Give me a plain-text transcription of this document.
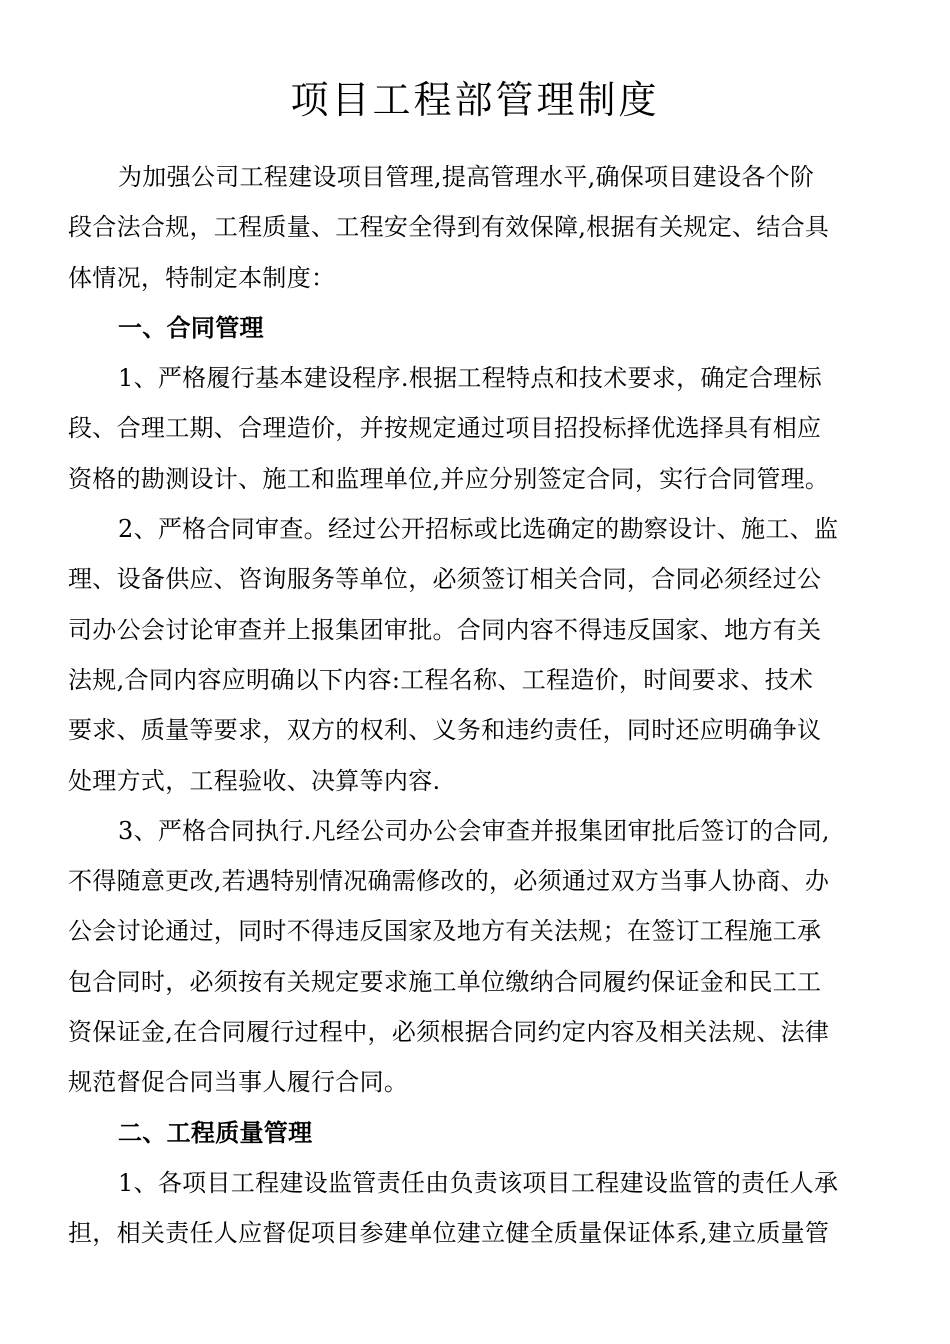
项目工程部管理制度

为加强公司工程建设项目管理,提高管理水平,确保项目建设各个阶
段合法合规，工程质量、工程安全得到有效保障,根据有关规定、结合具
体情况，特制定本制度：

一、合同管理

1、严格履行基本建设程序.根据工程特点和技术要求，确定合理标
段、合理工期、合理造价，并按规定通过项目招投标择优选择具有相应
资格的勘测设计、施工和监理单位,并应分别签定合同，实行合同管理。

2、严格合同审查。经过公开招标或比选确定的勘察设计、施工、监
理、设备供应、咨询服务等单位，必须签订相关合同，合同必须经过公
司办公会讨论审查并上报集团审批。合同内容不得违反国家、地方有关
法规,合同内容应明确以下内容:工程名称、工程造价，时间要求、技术
要求、质量等要求，双方的权利、义务和违约责任，同时还应明确争议
处理方式，工程验收、决算等内容.

3、严格合同执行.凡经公司办公会审查并报集团审批后签订的合同,
不得随意更改,若遇特别情况确需修改的，必须通过双方当事人协商、办
公会讨论通过，同时不得违反国家及地方有关法规；在签订工程施工承
包合同时，必须按有关规定要求施工单位缴纳合同履约保证金和民工工
资保证金,在合同履行过程中，必须根据合同约定内容及相关法规、法律
规范督促合同当事人履行合同。

二、工程质量管理

1、各项目工程建设监管责任由负责该项目工程建设监管的责任人承
担，相关责任人应督促项目参建单位建立健全质量保证体系,建立质量管
